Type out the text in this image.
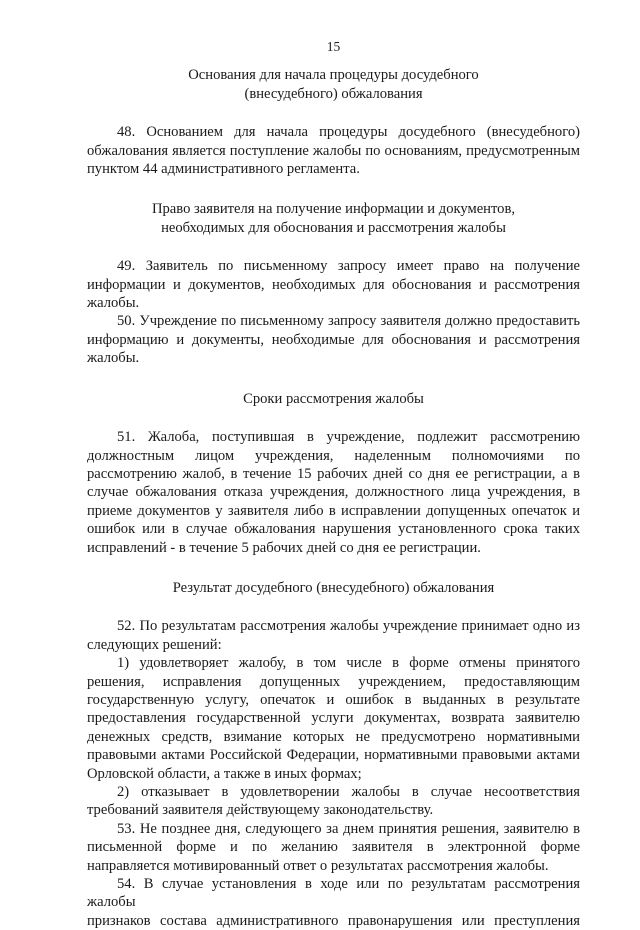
15
Основания для начала процедуры досудебного
(внесудебного) обжалования

48. Основанием для начала процедуры досудебного (внесудебного) обжалования является поступление жалобы по основаниям, предусмотренным пунктом 44 административного регламента.

Право заявителя на получение информации и документов,
необходимых для обоснования и рассмотрения жалобы

49. Заявитель по письменному запросу имеет право на получение информации и документов, необходимых для обоснования и рассмотрения жалобы.

50. Учреждение по письменному запросу заявителя должно предоставить информацию и документы, необходимые для обоснования и рассмотрения жалобы.

Сроки рассмотрения жалобы

51. Жалоба, поступившая в учреждение, подлежит рассмотрению должностным лицом учреждения, наделенным полномочиями по рассмотрению жалоб, в течение 15 рабочих дней со дня ее регистрации, а в случае обжалования отказа учреждения, должностного лица учреждения, в приеме документов у заявителя либо в исправлении допущенных опечаток и ошибок или в случае обжалования нарушения установленного срока таких исправлений - в течение 5 рабочих дней со дня ее регистрации.

Результат досудебного (внесудебного) обжалования

52. По результатам рассмотрения жалобы учреждение принимает одно из следующих решений:

1) удовлетворяет жалобу, в том числе в форме отмены принятого решения, исправления допущенных учреждением, предоставляющим государственную услугу, опечаток и ошибок в выданных в результате предоставления государственной услуги документах, возврата заявителю денежных средств, взимание которых не предусмотрено нормативными правовыми актами Российской Федерации, нормативными правовыми актами Орловской области, а также в иных формах;

2) отказывает в удовлетворении жалобы в случае несоответствия требований заявителя действующему законодательству.

53. Не позднее дня, следующего за днем принятия решения, заявителю в письменной форме и по желанию заявителя в электронной форме направляется мотивированный ответ о результатах рассмотрения жалобы.

54. В случае установления в ходе или по результатам рассмотрения жалобы

признаков состава административного правонарушения или преступления
